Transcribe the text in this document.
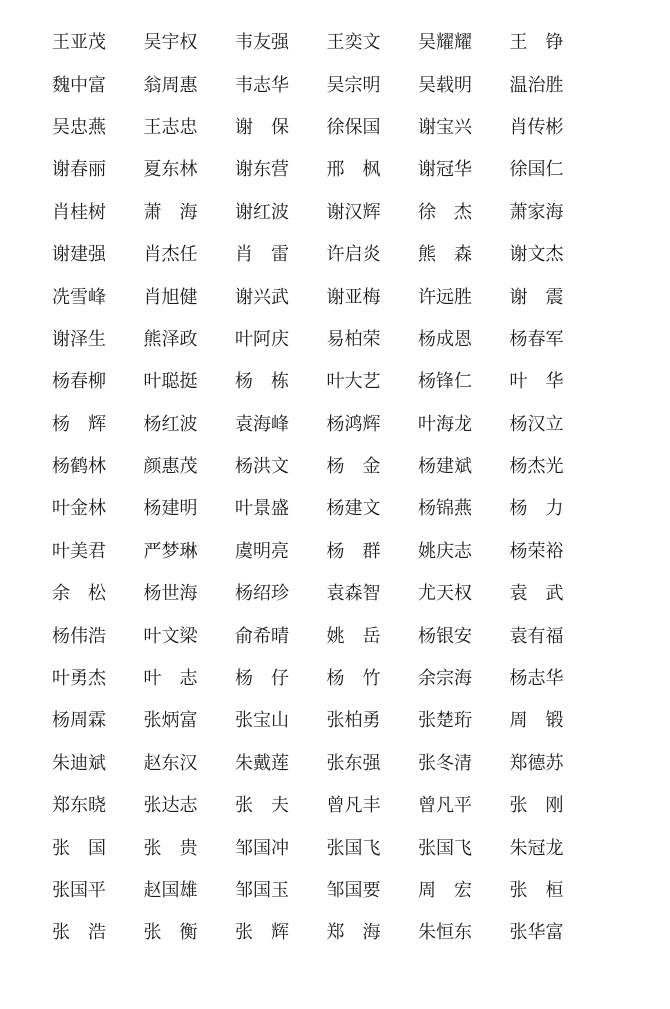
王亚茂	吴宇权	韦友强	王奕文	吴耀耀	王　铮
魏中富	翁周惠	韦志华	吴宗明	吴载明	温治胜
吴忠燕	王志忠	谢　保	徐保国	谢宝兴	肖传彬
谢春丽	夏东林	谢东营	邢　枫	谢冠华	徐国仁
肖桂树	萧　海	谢红波	谢汉辉	徐　杰	萧家海
谢建强	肖杰任	肖　雷	许启炎	熊　森	谢文杰
冼雪峰	肖旭健	谢兴武	谢亚梅	许远胜	谢　震
谢泽生	熊泽政	叶阿庆	易柏荣	杨成恩	杨春军
杨春柳	叶聪挺	杨　栋	叶大艺	杨锋仁	叶　华
杨　辉	杨红波	袁海峰	杨鸿辉	叶海龙	杨汉立
杨鹤林	颜惠茂	杨洪文	杨　金	杨建斌	杨杰光
叶金林	杨建明	叶景盛	杨建文	杨锦燕	杨　力
叶美君	严梦琳	虞明亮	杨　群	姚庆志	杨荣裕
余　松	杨世海	杨绍珍	袁森智	尤天权	袁　武
杨伟浩	叶文梁	俞希晴	姚　岳	杨银安	袁有福
叶勇杰	叶　志	杨　仔	杨　竹	余宗海	杨志华
杨周霖	张炳富	张宝山	张柏勇	张楚珩	周　锻
朱迪斌	赵东汉	朱戴莲	张东强	张冬清	郑德苏
郑东晓	张达志	张　夫	曾凡丰	曾凡平	张　刚
张　国	张　贵	邹国冲	张国飞	张国飞	朱冠龙
张国平	赵国雄	邹国玉	邹国要	周　宏	张　桓
张　浩	张　衡	张　辉	郑　海	朱恒东	张华富
